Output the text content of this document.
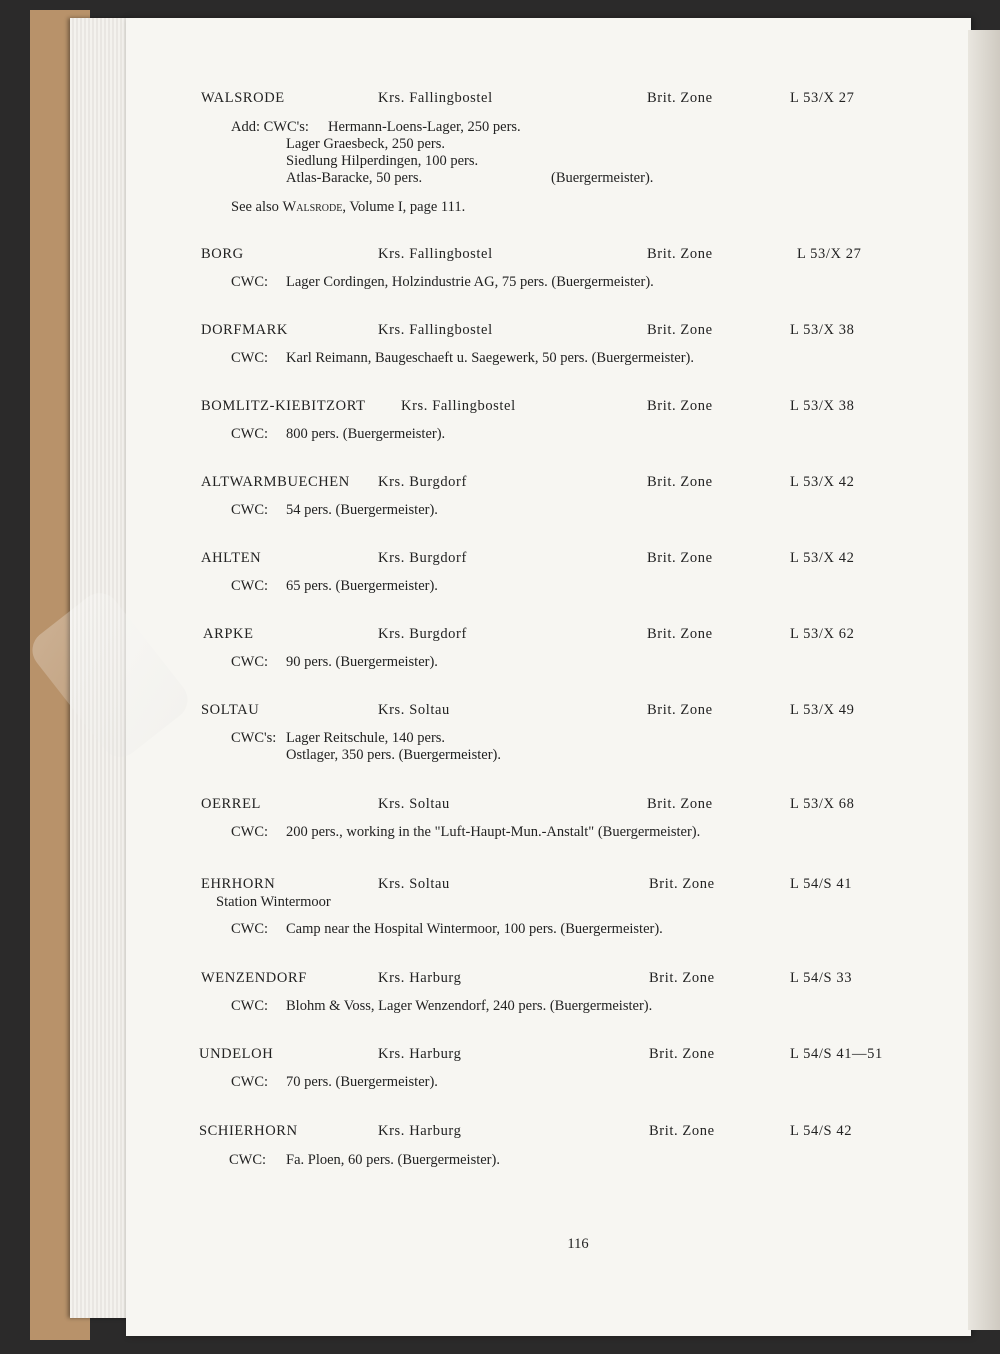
WALSRODE	Krs. Fallingbostel	Brit. Zone	L 53/X 27
Add: CWC's: Hermann-Loens-Lager, 250 pers.
Lager Graesbeck, 250 pers.
Siedlung Hilperdingen, 100 pers.
Atlas-Baracke, 50 pers.	(Buergermeister).
See also Walsrode, Volume I, page 111.
BORG	Krs. Fallingbostel	Brit. Zone	L 53/X 27
CWC: Lager Cordingen, Holzindustrie AG, 75 pers. (Buergermeister).
DORFMARK	Krs. Fallingbostel	Brit. Zone	L 53/X 38
CWC: Karl Reimann, Baugeschaeft u. Saegewerk, 50 pers. (Buergermeister).
BOMLITZ-KIEBITZORT Krs. Fallingbostel	Brit. Zone	L 53/X 38
CWC: 800 pers. (Buergermeister).
ALTWARMBUECHEN Krs. Burgdorf	Brit. Zone	L 53/X 42
CWC: 54 pers. (Buergermeister).
AHLTEN	Krs. Burgdorf	Brit. Zone	L 53/X 42
CWC: 65 pers. (Buergermeister).
ARPKE	Krs. Burgdorf	Brit. Zone	L 53/X 62
CWC: 90 pers. (Buergermeister).
SOLTAU	Krs. Soltau	Brit. Zone	L 53/X 49
CWC's: Lager Reitschule, 140 pers.
Ostlager, 350 pers. (Buergermeister).
OERREL	Krs. Soltau	Brit. Zone	L 53/X 68
CWC: 200 pers., working in the "Luft-Haupt-Mun.-Anstalt" (Buergermeister).
EHRHORN	Krs. Soltau	Brit. Zone	L 54/S 41
Station Wintermoor
CWC: Camp near the Hospital Wintermoor, 100 pers. (Buergermeister).
WENZENDORF	Krs. Harburg	Brit. Zone	L 54/S 33
CWC: Blohm & Voss, Lager Wenzendorf, 240 pers. (Buergermeister).
UNDELOH	Krs. Harburg	Brit. Zone	L 54/S 41—51
CWC: 70 pers. (Buergermeister).
SCHIERHORN	Krs. Harburg	Brit. Zone	L 54/S 42
CWC: Fa. Ploen, 60 pers. (Buergermeister).
116
